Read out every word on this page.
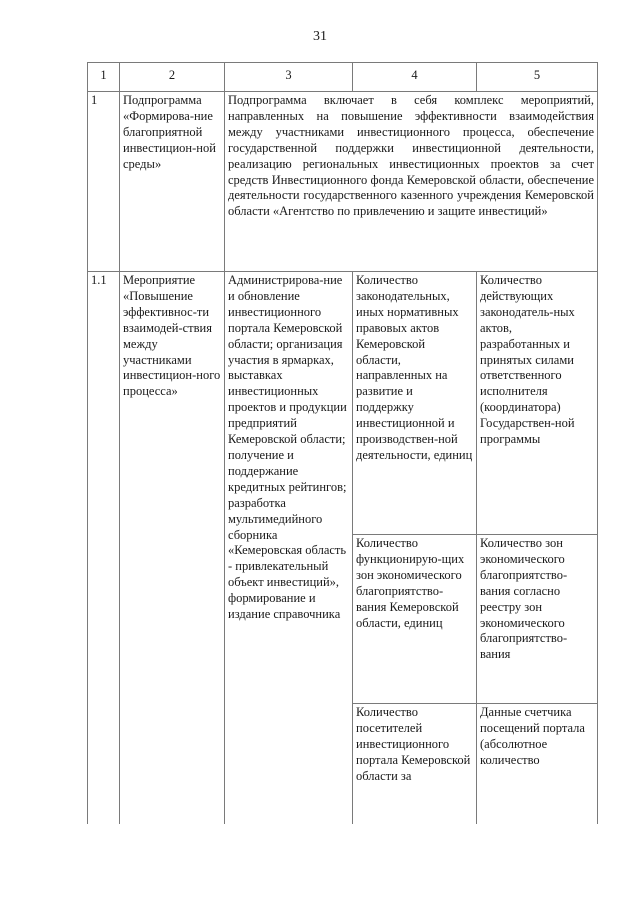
31
1	2	3	4	5
1	Подпрограмма «Формирова-ние благоприятной инвестицион-ной среды»	Подпрограмма включает в себя комплекс мероприятий, направленных на повышение эффективности взаимодействия между участниками инвестиционного процесса, обеспечение государственной поддержки инвестиционной деятельности, реализацию региональных инвестиционных проектов за счет средств Инвестиционного фонда Кемеровской области, обеспечение деятельности государственного казенного учреждения Кемеровской области «Агентство по привлечению и защите инвестиций»		
1.1	Мероприятие «Повышение эффективнос-ти взаимодей-ствия между участниками инвестицион-ного процесса»	Администрирова-ние и обновление инвестиционного портала Кемеровской области; организация участия в ярмарках, выставках инвестиционных проектов и продукции предприятий Кемеровской области; получение и поддержание кредитных рейтингов; разработка мультимедийного сборника «Кемеровская область - привлекательный объект инвестиций», формирование и издание справочника	Количество законодательных, иных нормативных правовых актов Кемеровской области, направленных на развитие и поддержку инвестиционной и производствен-ной деятельности, единиц	Количество действующих законодатель-ных актов, разработанных и принятых силами ответственного исполнителя (координатора) Государствен-ной программы
			Количество функционирую-щих зон экономического благоприятство-вания Кемеровской области, единиц	Количество зон экономического благоприятство-вания согласно реестру зон экономического благоприятство-вания
			Количество посетителей инвестиционного портала Кемеровской области за	Данные счетчика посещений портала (абсолютное количество
